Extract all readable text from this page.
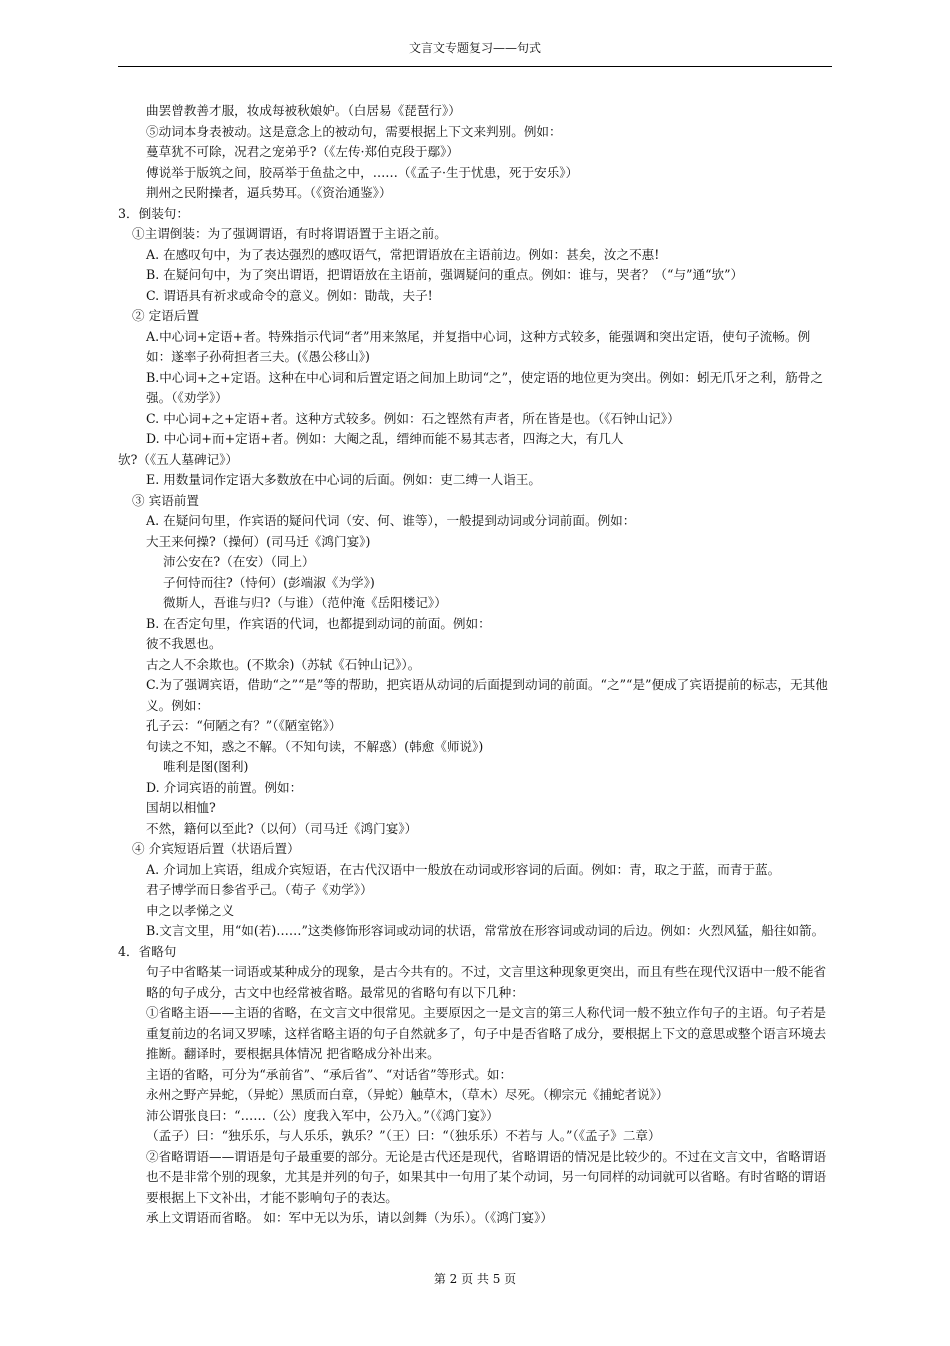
文言文专题复习——句式
曲罢曾教善才服，妆成每被秋娘妒。（白居易《琵琶行》）
⑤动词本身表被动。这是意念上的被动句，需要根据上下文来判别。例如：
蔓草犹不可除，况君之宠弟乎?（《左传·郑伯克段于鄢》）
傅说举于版筑之间，胶鬲举于鱼盐之中，……（《孟子·生于忧患，死于安乐》）
荆州之民附操者，逼兵势耳。（《资治通鉴》）
3．倒装句：
①主谓倒装：为了强调谓语，有时将谓语置于主语之前。
A. 在感叹句中，为了表达强烈的感叹语气，常把谓语放在主语前边。例如：甚矣，汝之不惠!
B. 在疑问句中，为了突出谓语，把谓语放在主语前，强调疑问的重点。例如：谁与，哭者？（“与”通“欤”）
C. 谓语具有祈求或命令的意义。例如：勖哉，夫子!
② 定语后置
A.中心词+定语+者。特殊指示代词“者”用来煞尾，并复指中心词，这种方式较多，能强调和突出定语，使句子流畅。例如：遂率子孙荷担者三夫。(《愚公移山》)
B.中心词+之+定语。这种在中心词和后置定语之间加上助词“之”，使定语的地位更为突出。例如：蚓无爪牙之利，筋骨之强。（《劝学》）
C. 中心词+之+定语+者。这种方式较多。例如：石之铿然有声者，所在皆是也。（《石钟山记》）
D. 中心词+而+定语+者。例如：大阉之乱，缙绅而能不易其志者，四海之大，有几人
欤?（《五人墓碑记》）
E. 用数量词作定语大多数放在中心词的后面。例如：吏二缚一人诣王。
③ 宾语前置
A. 在疑问句里，作宾语的疑问代词（安、何、谁等），一般提到动词或分词前面。例如：
大王来何操?（操何）(司马迁《鸿门宴》)
沛公安在?（在安）（同上）
子何恃而往?（恃何）(彭端淑《为学》)
微斯人，吾谁与归?（与谁）（范仲淹《岳阳楼记》）
B. 在否定句里，作宾语的代词，也都提到动词的前面。例如：
彼不我恩也。
古之人不余欺也。(不欺余)（苏轼《石钟山记》）。
C.为了强调宾语，借助“之”“是”等的帮助，把宾语从动词的后面提到动词的前面。“之”“是”便成了宾语提前的标志，无其他义。例如：
孔子云：“何陋之有？”（《陋室铭》）
句读之不知，惑之不解。（不知句读，不解惑）(韩愈《师说》)
唯利是图(图利)
D. 介词宾语的前置。例如：
国胡以相恤?
不然，籍何以至此?（以何）（司马迁《鸿门宴》）
④ 介宾短语后置（状语后置）
A. 介词加上宾语，组成介宾短语，在古代汉语中一般放在动词或形容词的后面。例如：青，取之于蓝，而青于蓝。
君子博学而日参省乎己。（荀子《劝学》）
申之以孝悌之义
B.文言文里，用“如(若)……”这类修饰形容词或动词的状语，常常放在形容词或动词的后边。例如：火烈风猛，船往如箭。
4．省略句
句子中省略某一词语或某种成分的现象，是古今共有的。不过，文言里这种现象更突出，而且有些在现代汉语中一般不能省略的句子成分，古文中也经常被省略。最常见的省略句有以下几种：
①省略主语——主语的省略，在文言文中很常见。主要原因之一是文言的第三人称代词一般不独立作句子的主语。句子若是重复前边的名词又罗嗦，这样省略主语的句子自然就多了，句子中是否省略了成分，要根据上下文的意思或整个语言环境去推断。翻译时，要根据具体情况 把省略成分补出来。
主语的省略，可分为“承前省”、“承后省”、“对话省”等形式。如：
永州之野产异蛇，（异蛇）黑质而白章，（异蛇）触草木，（草木）尽死。（柳宗元《捕蛇者说》）
沛公谓张良曰：“……（公）度我入军中，公乃入。”（《鸿门宴》）
（孟子）曰：“独乐乐，与人乐乐，孰乐？”（王）曰：“（独乐乐）不若与 人。”（《孟子》二章）
②省略谓语——谓语是句子最重要的部分。无论是古代还是现代，省略谓语的情况是比较少的。不过在文言文中，省略谓语也不是非常个别的现象，尤其是并列的句子，如果其中一句用了某个动词，另一句同样的动词就可以省略。有时省略的谓语要根据上下文补出，才能不影响句子的表达。
承上文谓语而省略。 如：军中无以为乐，请以剑舞（为乐）。（《鸿门宴》）
第 2 页 共 5 页
